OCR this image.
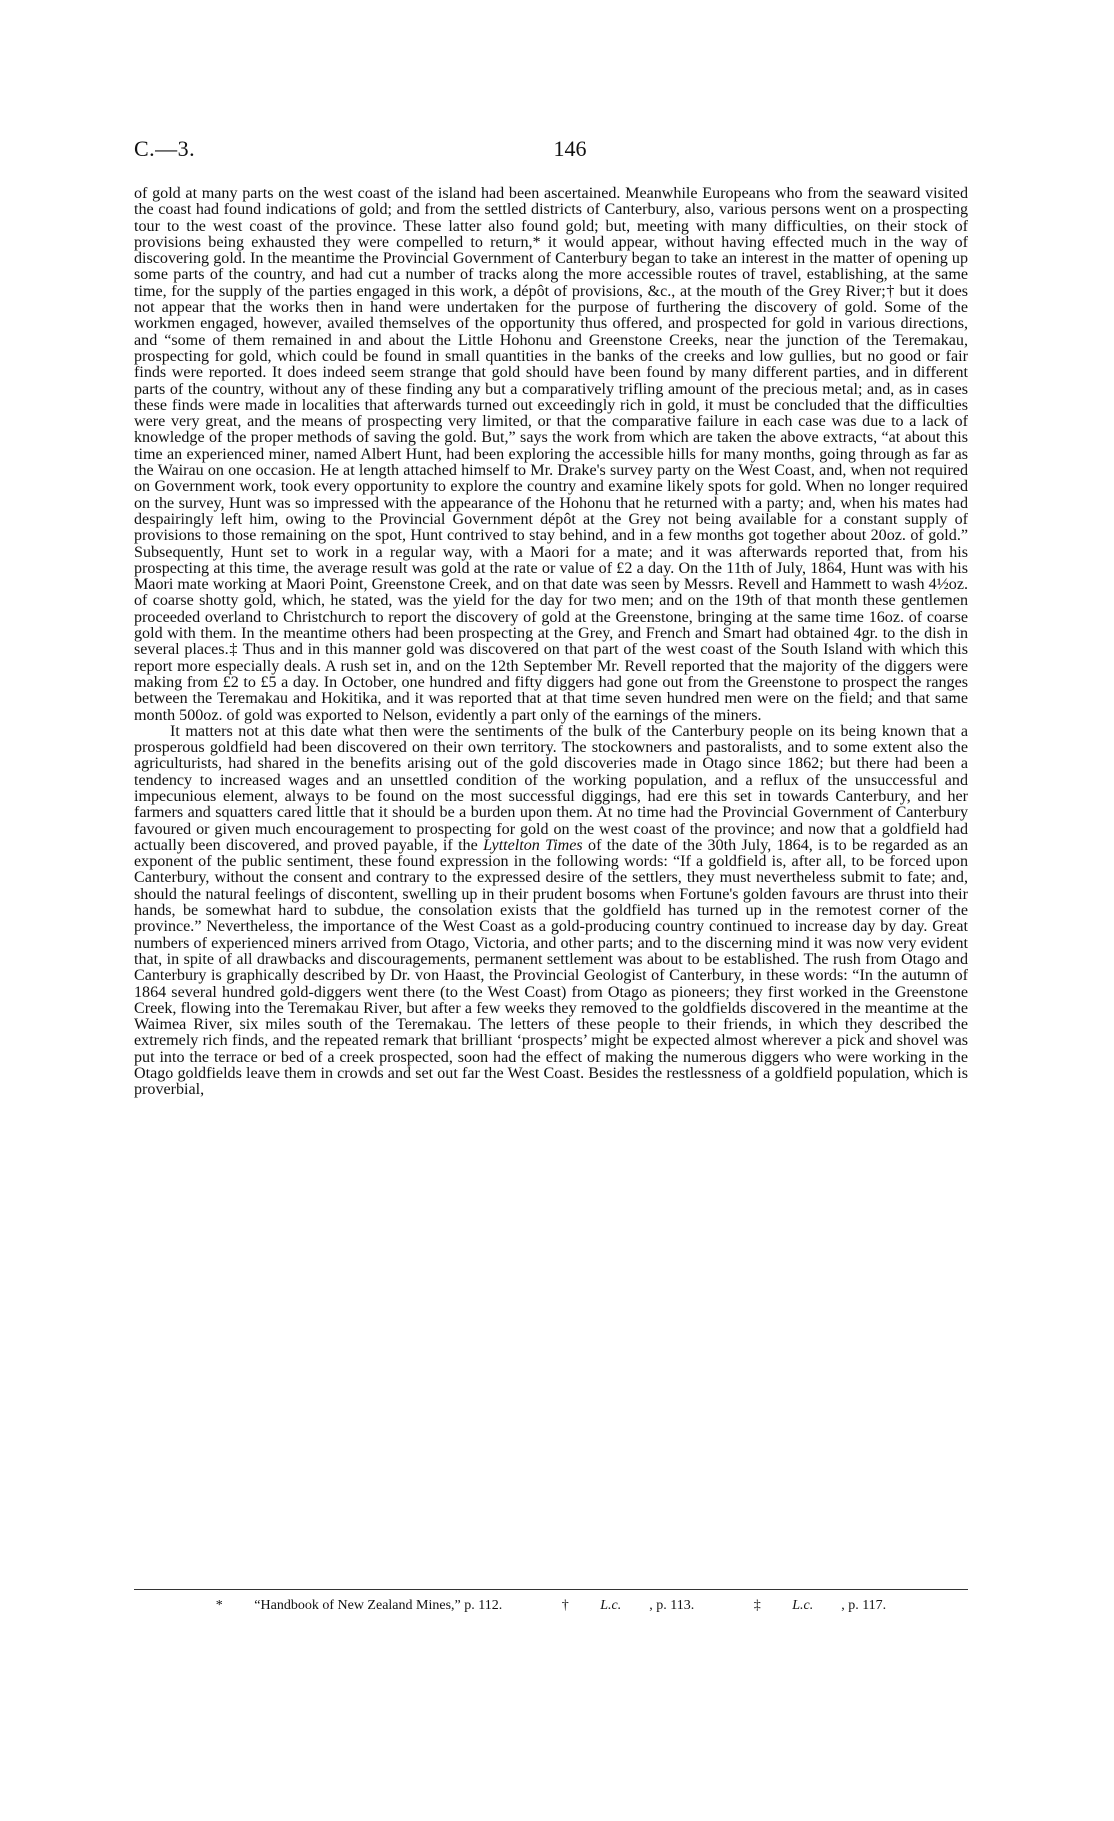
C.—3.	146

of gold at many parts on the west coast of the island had been ascertained. Meanwhile Europeans who from the seaward visited the coast had found indications of gold; and from the settled districts of Canterbury, also, various persons went on a prospecting tour to the west coast of the province. These latter also found gold; but, meeting with many difficulties, on their stock of provisions being exhausted they were compelled to return,* it would appear, without having effected much in the way of discovering gold. In the meantime the Provincial Government of Canterbury began to take an interest in the matter of opening up some parts of the country, and had cut a number of tracks along the more accessible routes of travel, establishing, at the same time, for the supply of the parties engaged in this work, a dépôt of provisions, &c., at the mouth of the Grey River;† but it does not appear that the works then in hand were undertaken for the purpose of furthering the discovery of gold. Some of the workmen engaged, however, availed themselves of the opportunity thus offered, and prospected for gold in various directions, and “some of them remained in and about the Little Hohonu and Greenstone Creeks, near the junction of the Teremakau, prospecting for gold, which could be found in small quantities in the banks of the creeks and low gullies, but no good or fair finds were reported. It does indeed seem strange that gold should have been found by many different parties, and in different parts of the country, without any of these finding any but a comparatively trifling amount of the precious metal; and, as in cases these finds were made in localities that afterwards turned out exceedingly rich in gold, it must be concluded that the difficulties were very great, and the means of prospecting very limited, or that the comparative failure in each case was due to a lack of knowledge of the proper methods of saving the gold. But,” says the work from which are taken the above extracts, “at about this time an experienced miner, named Albert Hunt, had been exploring the accessible hills for many months, going through as far as the Wairau on one occasion. He at length attached himself to Mr. Drake's survey party on the West Coast, and, when not required on Government work, took every opportunity to explore the country and examine likely spots for gold. When no longer required on the survey, Hunt was so impressed with the appearance of the Hohonu that he returned with a party; and, when his mates had despairingly left him, owing to the Provincial Government dépôt at the Grey not being available for a constant supply of provisions to those remaining on the spot, Hunt contrived to stay behind, and in a few months got together about 20oz. of gold.” Subsequently, Hunt set to work in a regular way, with a Maori for a mate; and it was afterwards reported that, from his prospecting at this time, the average result was gold at the rate or value of £2 a day. On the 11th of July, 1864, Hunt was with his Maori mate working at Maori Point, Greenstone Creek, and on that date was seen by Messrs. Revell and Hammett to wash 4½oz. of coarse shotty gold, which, he stated, was the yield for the day for two men; and on the 19th of that month these gentlemen proceeded overland to Christchurch to report the discovery of gold at the Greenstone, bringing at the same time 16oz. of coarse gold with them. In the meantime others had been prospecting at the Grey, and French and Smart had obtained 4gr. to the dish in several places.‡ Thus and in this manner gold was discovered on that part of the west coast of the South Island with which this report more especially deals. A rush set in, and on the 12th September Mr. Revell reported that the majority of the diggers were making from £2 to £5 a day. In October, one hundred and fifty diggers had gone out from the Greenstone to prospect the ranges between the Teremakau and Hokitika, and it was reported that at that time seven hundred men were on the field; and that same month 500oz. of gold was exported to Nelson, evidently a part only of the earnings of the miners.

It matters not at this date what then were the sentiments of the bulk of the Canterbury people on its being known that a prosperous goldfield had been discovered on their own territory. The stockowners and pastoralists, and to some extent also the agriculturists, had shared in the benefits arising out of the gold discoveries made in Otago since 1862; but there had been a tendency to increased wages and an unsettled condition of the working population, and a reflux of the unsuccessful and impecunious element, always to be found on the most successful diggings, had ere this set in towards Canterbury, and her farmers and squatters cared little that it should be a burden upon them. At no time had the Provincial Government of Canterbury favoured or given much encouragement to prospecting for gold on the west coast of the province; and now that a goldfield had actually been discovered, and proved payable, if the Lyttelton Times of the date of the 30th July, 1864, is to be regarded as an exponent of the public sentiment, these found expression in the following words: “If a goldfield is, after all, to be forced upon Canterbury, without the consent and contrary to the expressed desire of the settlers, they must nevertheless submit to fate; and, should the natural feelings of discontent, swelling up in their prudent bosoms when Fortune's golden favours are thrust into their hands, be somewhat hard to subdue, the consolation exists that the goldfield has turned up in the remotest corner of the province.” Nevertheless, the importance of the West Coast as a gold-producing country continued to increase day by day. Great numbers of experienced miners arrived from Otago, Victoria, and other parts; and to the discerning mind it was now very evident that, in spite of all drawbacks and discouragements, permanent settlement was about to be established. The rush from Otago and Canterbury is graphically described by Dr. von Haast, the Provincial Geologist of Canterbury, in these words: “In the autumn of 1864 several hundred gold-diggers went there (to the West Coast) from Otago as pioneers; they first worked in the Greenstone Creek, flowing into the Teremakau River, but after a few weeks they removed to the goldfields discovered in the meantime at the Waimea River, six miles south of the Teremakau. The letters of these people to their friends, in which they described the extremely rich finds, and the repeated remark that brilliant ‘prospects’ might be expected almost wherever a pick and shovel was put into the terrace or bed of a creek prospected, soon had the effect of making the numerous diggers who were working in the Otago goldfields leave them in crowds and set out far the West Coast. Besides the restlessness of a goldfield population, which is proverbial,

* “Handbook of New Zealand Mines,” p. 112.	† L.c. , p. 113.	‡ L.c. , p. 117.
